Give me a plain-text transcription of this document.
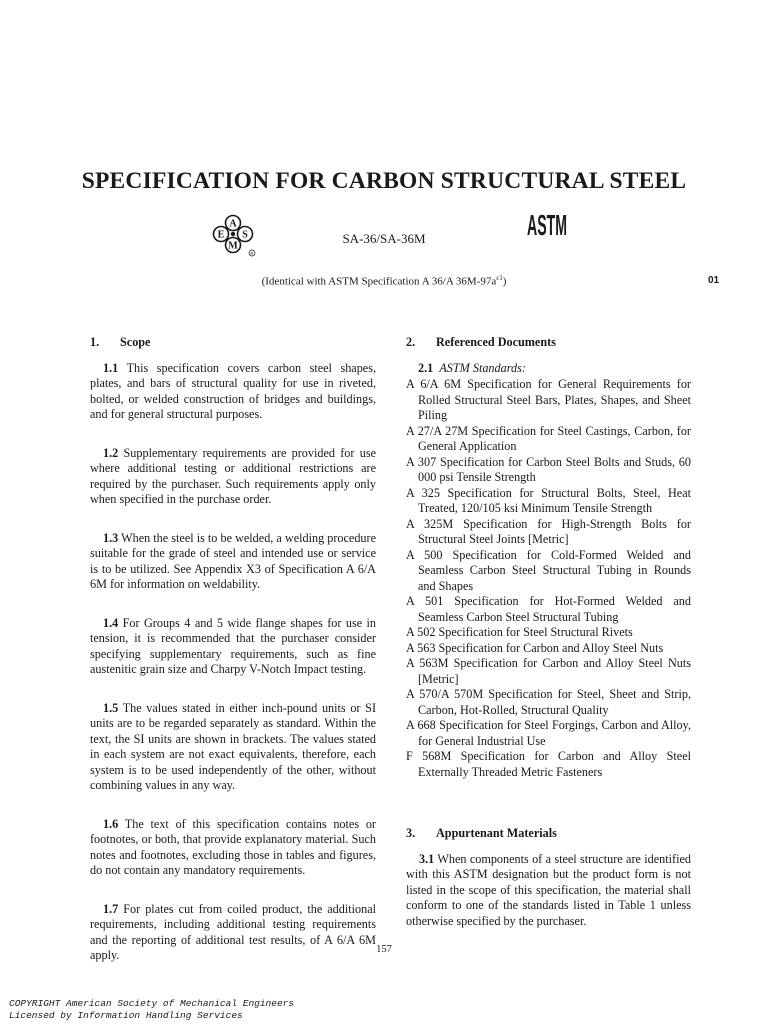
SPECIFICATION FOR CARBON STRUCTURAL STEEL
A
E S
M
R
SA-36/SA-36M	ASTM
(Identical with ASTM Specification A 36/A $36M-97a^{\varepsilon 1}$)	01
1. Scope

1.1 This specification covers carbon steel shapes, plates, and bars of structural quality for use in riveted, bolted, or welded construction of bridges and buildings, and for general structural purposes.

1.2 Supplementary requirements are provided for use where additional testing or additional restrictions are required by the purchaser. Such requirements apply only when specified in the purchase order.

1.3 When the steel is to be welded, a welding procedure suitable for the grade of steel and intended use or service is to be utilized. See Appendix X3 of Specification A 6/A 6M for information on weldability.

1.4 For Groups 4 and 5 wide flange shapes for use in tension, it is recommended that the purchaser consider specifying supplementary requirements, such as fine austenitic grain size and Charpy V-Notch Impact testing.

1.5 The values stated in either inch-pound units or SI units are to be regarded separately as standard. Within the text, the SI units are shown in brackets. The values stated in each system are not exact equivalents, therefore, each system is to be used independently of the other, without combining values in any way.

1.6 The text of this specification contains notes or footnotes, or both, that provide explanatory material. Such notes and footnotes, excluding those in tables and figures, do not contain any mandatory requirements.

1.7 For plates cut from coiled product, the additional requirements, including additional testing requirements and the reporting of additional test results, of A 6/A 6M apply.

2. Referenced Documents

2.1 ASTM Standards:

A 6/A 6M Specification for General Requirements for Rolled Structural Steel Bars, Plates, Shapes, and Sheet Piling

A 27/A 27M Specification for Steel Castings, Carbon, for General Application

A 307 Specification for Carbon Steel Bolts and Studs, 60 000 psi Tensile Strength

A 325 Specification for Structural Bolts, Steel, Heat Treated, 120/105 ksi Minimum Tensile Strength

A 325M Specification for High-Strength Bolts for Structural Steel Joints [Metric]

A 500 Specification for Cold-Formed Welded and Seamless Carbon Steel Structural Tubing in Rounds and Shapes

A 501 Specification for Hot-Formed Welded and Seamless Carbon Steel Structural Tubing

A 502 Specification for Steel Structural Rivets

A 563 Specification for Carbon and Alloy Steel Nuts

A 563M Specification for Carbon and Alloy Steel Nuts [Metric]

A 570/A 570M Specification for Steel, Sheet and Strip, Carbon, Hot-Rolled, Structural Quality

A 668 Specification for Steel Forgings, Carbon and Alloy, for General Industrial Use

F 568M Specification for Carbon and Alloy Steel Externally Threaded Metric Fasteners

3. Appurtenant Materials

3.1 When components of a steel structure are identified with this ASTM designation but the product form is not listed in the scope of this specification, the material shall conform to one of the standards listed in Table 1 unless otherwise specified by the purchaser.

157
COPYRIGHT American Society of Mechanical Engineers
Licensed by Information Handling Services
